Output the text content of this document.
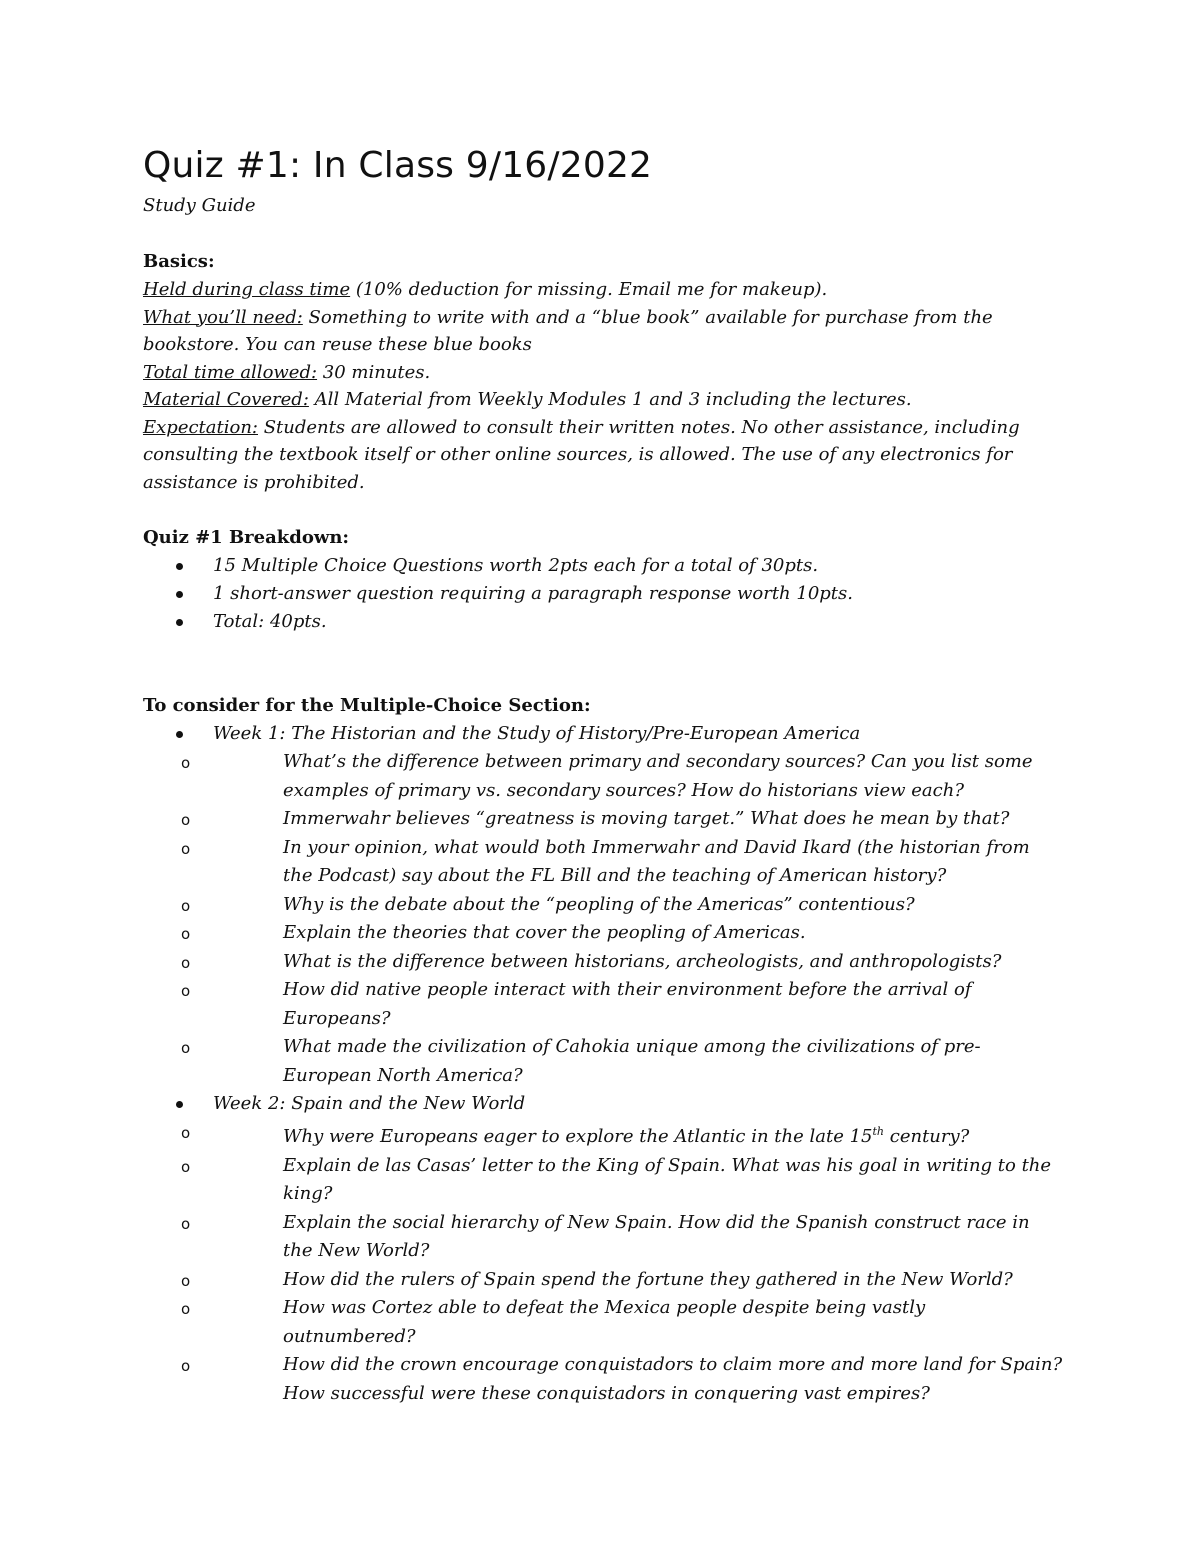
Quiz #1: In Class 9/16/2022

Study Guide

Basics:

Held during class time (10% deduction for missing. Email me for makeup).
What you’ll need: Something to write with and a “blue book” available for purchase from the bookstore. You can reuse these blue books
Total time allowed: 30 minutes.
Material Covered: All Material from Weekly Modules 1 and 3 including the lectures.
Expectation: Students are allowed to consult their written notes. No other assistance, including consulting the textbook itself or other online sources, is allowed. The use of any electronics for assistance is prohibited.

Quiz #1 Breakdown:

15 Multiple Choice Questions worth 2pts each for a total of 30pts.
1 short-answer question requiring a paragraph response worth 10pts.
Total: 40pts.

To consider for the Multiple-Choice Section:

Week 1: The Historian and the Study of History/Pre-European America
o	What’s the difference between primary and secondary sources? Can you list some examples of primary vs. secondary sources? How do historians view each?
o	Immerwahr believes “greatness is moving target.” What does he mean by that?
o	In your opinion, what would both Immerwahr and David Ikard (the historian from the Podcast) say about the FL Bill and the teaching of American history?
o	Why is the debate about the “peopling of the Americas” contentious?
o	Explain the theories that cover the peopling of Americas.
o	What is the difference between historians, archeologists, and anthropologists?
o	How did native people interact with their environment before the arrival of Europeans?
o	What made the civilization of Cahokia unique among the civilizations of pre-European North America?
Week 2: Spain and the New World
o	Why were Europeans eager to explore the Atlantic in the late 15th century?
o	Explain de las Casas’ letter to the King of Spain. What was his goal in writing to the king?
o	Explain the social hierarchy of New Spain. How did the Spanish construct race in the New World?
o	How did the rulers of Spain spend the fortune they gathered in the New World?
o	How was Cortez able to defeat the Mexica people despite being vastly outnumbered?
o	How did the crown encourage conquistadors to claim more and more land for Spain? How successful were these conquistadors in conquering vast empires?
